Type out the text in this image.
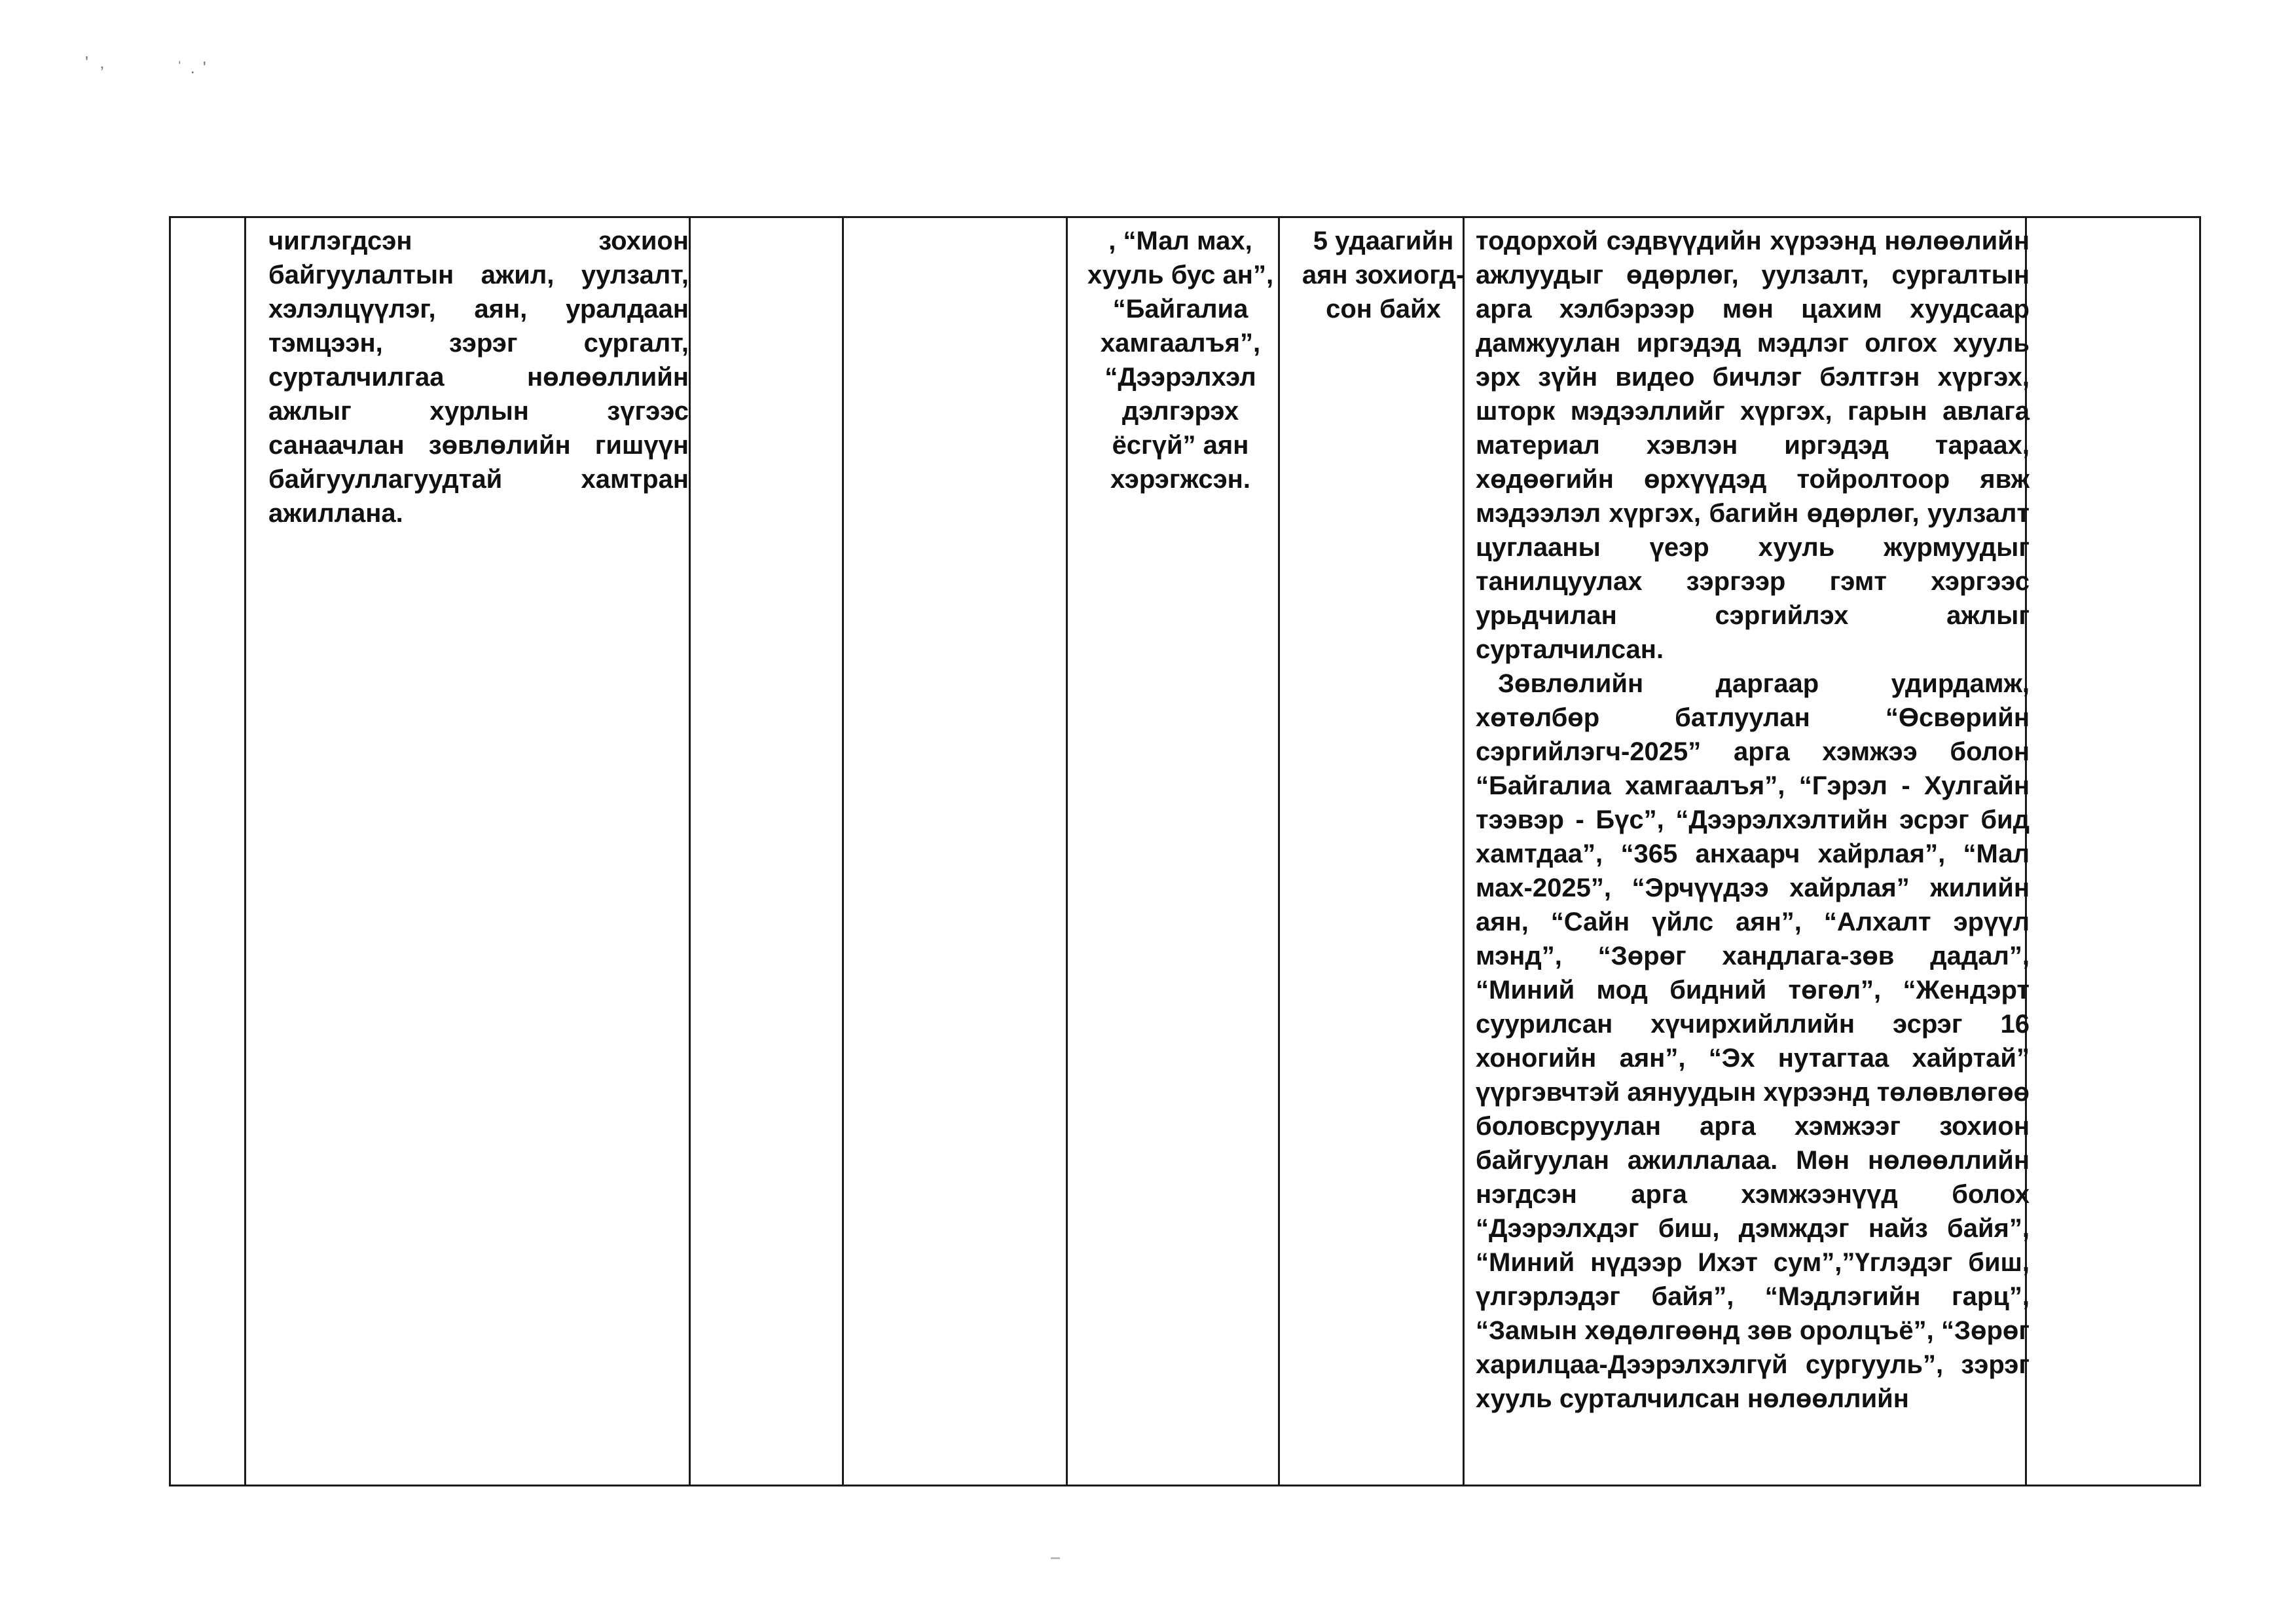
'‚	ˈ.'
чиглэгдсэн зохион байгуулалтын ажил, уулзалт, хэлэлцүүлэг, аян, уралдаан тэмцээн, зэрэг сургалт, сурталчилгаа нөлөөллийн ажлыг хурлын зүгээс санаачлан зөвлөлийн гишүүн байгууллагуудтай хамтран ажиллана.
, “Мал мах, хууль бус ан”, “Байгалиа хамгаалъя”, “Дээрэлхэл дэлгэрэх ёсгүй” аян хэрэгжсэн.
5 удаагийн аян зохиогд-сон байх

тодорхой сэдвүүдийн хүрээнд нөлөөлийн ажлуудыг өдөрлөг, уулзалт, сургалтын арга хэлбэрээр мөн цахим хуудсаар дамжуулан иргэдэд мэдлэг олгох хууль эрх зүйн видео бичлэг бэлтгэн хүргэх, шторк мэдээллийг хүргэх, гарын авлага материал хэвлэн иргэдэд тараах, хөдөөгийн өрхүүдэд тойролтоор явж мэдээлэл хүргэх, багийн өдөрлөг, уулзалт цуглааны үеэр хууль журмуудыг танилцуулах зэргээр гэмт хэргээс урьдчилан сэргийлэх ажлыг сурталчилсан.

Зөвлөлийн даргаар удирдамж, хөтөлбөр батлуулан “Өсвөрийн сэргийлэгч-2025” арга хэмжээ болон “Байгалиа хамгаалъя”, “Гэрэл - Хулгайн тээвэр - Бүс”, “Дээрэлхэлтийн эсрэг бид хамтдаа”, “365 анхаарч хайрлая”, “Мал мах-2025”, “Эрчүүдээ хайрлая” жилийн аян, “Сайн үйлс аян”, “Алхалт эрүүл мэнд”, “Зөрөг хандлага-зөв дадал”, “Миний мод бидний төгөл”, “Жендэрт суурилсан хүчирхийллийн эсрэг 16 хоногийн аян”, “Эх нутагтаа хайртай” үүргэвчтэй аянуудын хүрээнд төлөвлөгөө боловсруулан арга хэмжээг зохион байгуулан ажиллалаа. Мөн нөлөөллийн нэгдсэн арга хэмжээнүүд болох “Дээрэлхдэг биш, дэмждэг найз байя”, “Миний нүдээр Ихэт сум”,”Үглэдэг биш, үлгэрлэдэг байя”, “Мэдлэгийн гарц”, “Замын хөдөлгөөнд зөв оролцъё”, “Зөрөг харилцаа-Дээрэлхэлгүй сургууль”, зэрэг хууль сурталчилсан нөлөөллийн
